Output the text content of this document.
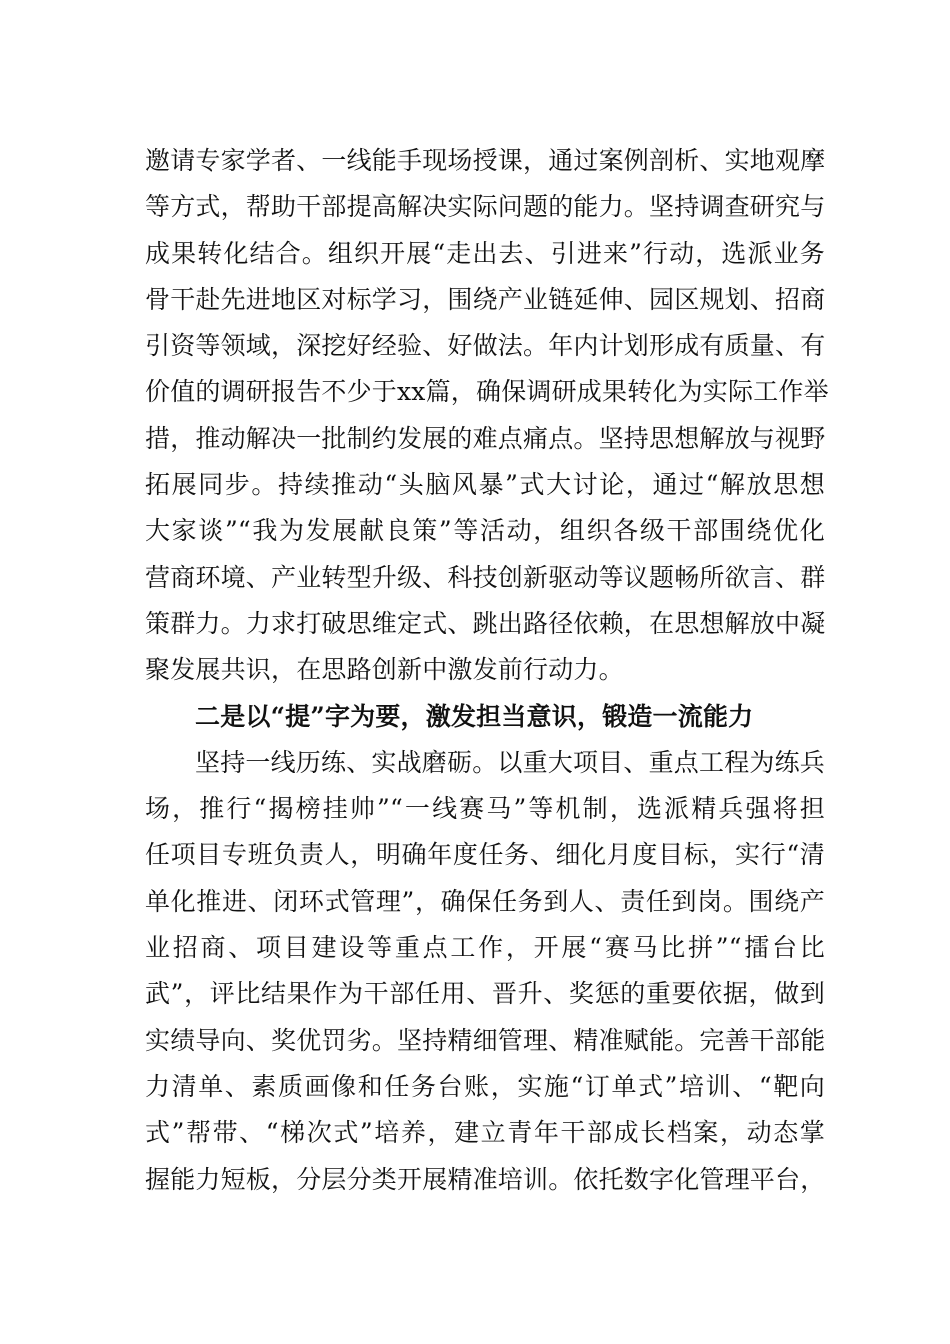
邀请专家学者、一线能手现场授课，通过案例剖析、实地观摩
等方式，帮助干部提高解决实际问题的能力。坚持调查研究与
成果转化结合。组织开展“走出去、引进来”行动，选派业务
骨干赴先进地区对标学习，围绕产业链延伸、园区规划、招商
引资等领域，深挖好经验、好做法。年内计划形成有质量、有
价值的调研报告不少于xx篇，确保调研成果转化为实际工作举
措，推动解决一批制约发展的难点痛点。坚持思想解放与视野
拓展同步。持续推动“头脑风暴”式大讨论，通过“解放思想
大家谈”“我为发展献良策”等活动，组织各级干部围绕优化
营商环境、产业转型升级、科技创新驱动等议题畅所欲言、群
策群力。力求打破思维定式、跳出路径依赖，在思想解放中凝
聚发展共识，在思路创新中激发前行动力。
二是以“提”字为要，激发担当意识，锻造一流能力
坚持一线历练、实战磨砺。以重大项目、重点工程为练兵
场，推行“揭榜挂帅”“一线赛马”等机制，选派精兵强将担
任项目专班负责人，明确年度任务、细化月度目标，实行“清
单化推进、闭环式管理”，确保任务到人、责任到岗。围绕产
业招商、项目建设等重点工作，开展“赛马比拼”“擂台比
武”，评比结果作为干部任用、晋升、奖惩的重要依据，做到
实绩导向、奖优罚劣。坚持精细管理、精准赋能。完善干部能
力清单、素质画像和任务台账，实施“订单式”培训、“靶向
式”帮带、“梯次式”培养，建立青年干部成长档案，动态掌
握能力短板，分层分类开展精准培训。依托数字化管理平台，
